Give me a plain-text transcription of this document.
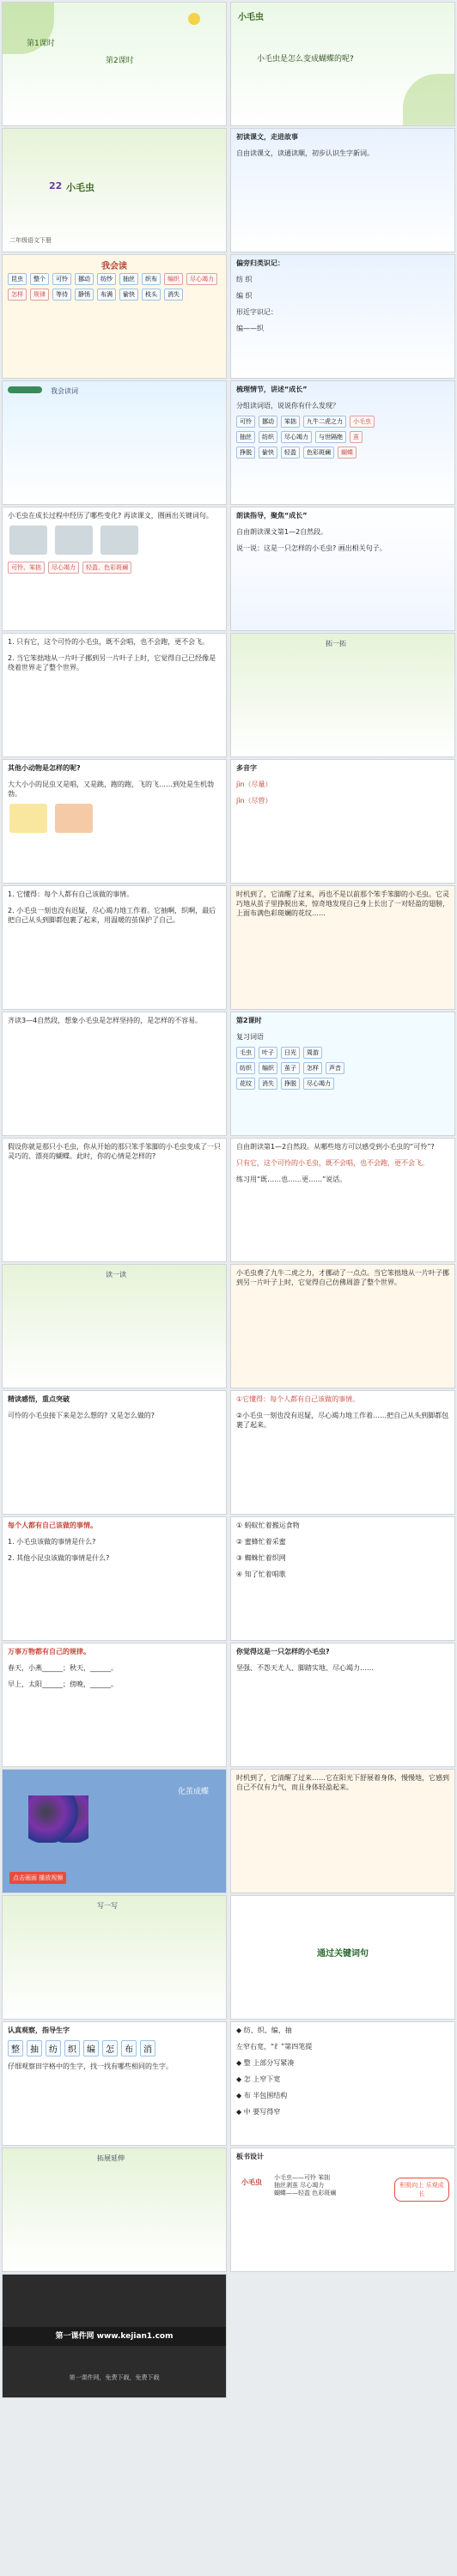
第1课时
第2课时
小毛虫
小毛虫是怎么变成蝴蝶的呢?
22 小毛虫
二年级语文下册
初读课文，走进故事
自由读课文，读通读顺，初步认识生字新词。
我会读
昆虫	整个	可怜	挪动	纺纱	抽丝	织布	编织	尽心竭力
怎样	规律	等待	静悄	布满	偷快	枝头	消失
偏旁归类识记：
纺 织
编 织
形近字识记：
编——织
我会读词	梳理情节，讲述“成长”
分组读词语，说说你有什么发现？
可怜	挪动	笨拙	九牛二虎之力	小毛虫
抽丝	纺织	尽心竭力	与世隔绝	茧
挣脱	偷快	轻盈	色彩斑斓	蝴蝶
小毛虫在成长过程中经历了哪些变化? 再读课文，圈画出关键词句。

可怜、笨拙	尽心竭力	轻盈、色彩斑斓
朗读指导，聚焦“成长”
自由朗读课文第1—2自然段。
说一说：这是一只怎样的小毛虫? 画出相关句子。
1. 只有它，这个可怜的小毛虫，既不会唱，也不会跑，更不会飞。
2. 当它笨拙地从一片叶子挪到另一片叶子上时，它觉得自己已经像是绕着世界走了整个世界。
拓一拓
其他小动物是怎样的呢?
大大小小的昆虫又是唱，又是跳，跑的跑，飞的飞……到处是生机勃勃。

多音字
jìn（尽量）
jǐn（尽管）
1. 它懂得：每个人都有自己该做的事情。
2. 小毛虫一刻也没有迟疑，尽心竭力地工作着。它抽啊，织啊，最后把自己从头到脚都包裹了起来，用温暖的茧保护了自己。
时机到了，它清醒了过来，再也不是以前那个笨手笨脚的小毛虫。它灵巧地从茧子里挣脱出来，惊奇地发现自己身上长出了一对轻盈的翅膀，上面布满色彩斑斓的花纹……
齐读3—4自然段，想象小毛虫是怎样坚持的，是怎样的不容易。	第2课时
复习词语
毛虫	叶子	日光	周游
纺织	编织	茧子	怎样	声音
花纹	消失	挣脱	尽心竭力
假设你就是那只小毛虫，你从开始的那只笨手笨脚的小毛虫变成了一只灵巧的、漂亮的蝴蝶。此时，你的心情是怎样的?
自由朗读第1—2自然段。从哪些地方可以感受到小毛虫的“可怜”?
只有它，这个可怜的小毛虫，既不会唱，也不会跑，更不会飞。
练习用“既……也……更……”说话。
读一读	小毛虫费了九牛二虎之力，才挪动了一点点。当它笨拙地从一片叶子挪到另一片叶子上时，它觉得自己仿佛周游了整个世界。
精读感悟，重点突破
可怜的小毛虫接下来是怎么想的? 又是怎么做的?
①它懂得：每个人都有自己该做的事情。
②小毛虫一刻也没有迟疑，尽心竭力地工作着……把自己从头到脚都包裹了起来。
每个人都有自己该做的事情。
1. 小毛虫该做的事情是什么?
2. 其他小昆虫该做的事情是什么?
① 蚂蚁忙着搬运食物
② 蜜蜂忙着采蜜
③ 蜘蛛忙着织网
④ 知了忙着唱歌
万事万物都有自己的规律。
春天，小燕______；秋天，______。
早上，太阳______；傍晚，______。
你觉得这是一只怎样的小毛虫?
坚强、不怨天尤人、脚踏实地、尽心竭力……
化茧成蝶
点击画面 播放视频
时机到了，它清醒了过来……它在阳光下舒展着身体，慢慢地，它感到自己不仅有力气，而且身体轻盈起来。
写一写
通过关键词句
认真观察，指导生字
整	抽	纺	织	编	怎	布	消
仔细观察田字格中的生字，找一找有哪些相同的生字。
◆ 纺、织、编、抽
左窄右宽，“纟”第四笔提
◆ 整 上部分写紧凑
◆ 怎 上窄下宽
◆ 布 半包围结构
◆ 中 要写得窄
拓展延伸	板书设计
小毛虫
小毛虫——可怜 笨拙
抽丝剥茧 尽心竭力
蝴蝶——轻盈 色彩斑斓
积极向上 乐观成长
第一课件网 www.kejian1.com
第一课件网，免费下载，免费下载
